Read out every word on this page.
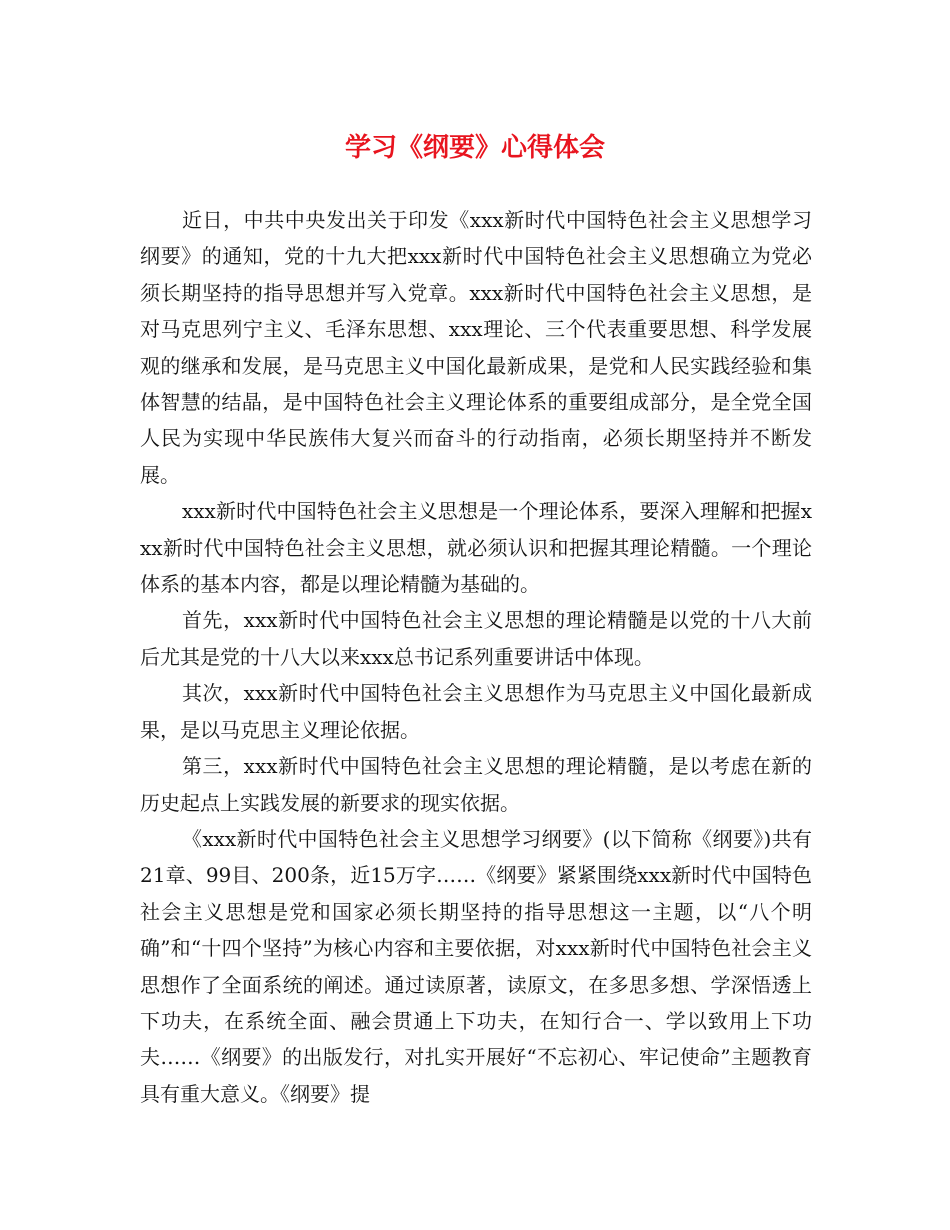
学习《纲要》心得体会

近日，中共中央发出关于印发《xxx新时代中国特色社会主义思想学习纲要》的通知，党的十九大把xxx新时代中国特色社会主义思想确立为党必须长期坚持的指导思想并写入党章。xxx新时代中国特色社会主义思想，是对马克思列宁主义、毛泽东思想、xxx理论、三个代表重要思想、科学发展观的继承和发展，是马克思主义中国化最新成果，是党和人民实践经验和集体智慧的结晶，是中国特色社会主义理论体系的重要组成部分，是全党全国人民为实现中华民族伟大复兴而奋斗的行动指南，必须长期坚持并不断发展。

xxx新时代中国特色社会主义思想是一个理论体系，要深入理解和把握xxx新时代中国特色社会主义思想，就必须认识和把握其理论精髓。一个理论体系的基本内容，都是以理论精髓为基础的。

首先，xxx新时代中国特色社会主义思想的理论精髓是以党的十八大前后尤其是党的十八大以来xxx总书记系列重要讲话中体现。

其次，xxx新时代中国特色社会主义思想作为马克思主义中国化最新成果，是以马克思主义理论依据。

第三，xxx新时代中国特色社会主义思想的理论精髓，是以考虑在新的历史起点上实践发展的新要求的现实依据。

《xxx新时代中国特色社会主义思想学习纲要》(以下简称《纲要》)共有21章、99目、200条，近15万字……《纲要》紧紧围绕xxx新时代中国特色社会主义思想是党和国家必须长期坚持的指导思想这一主题，以“八个明确”和“十四个坚持”为核心内容和主要依据，对xxx新时代中国特色社会主义思想作了全面系统的阐述。通过读原著，读原文，在多思多想、学深悟透上下功夫，在系统全面、融会贯通上下功夫，在知行合一、学以致用上下功夫……《纲要》的出版发行，对扎实开展好“不忘初心、牢记使命”主题教育具有重大意义。《纲要》提
